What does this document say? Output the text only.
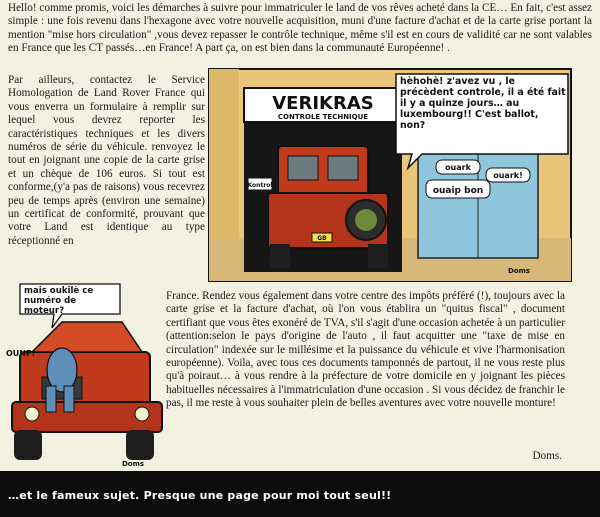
Hello! comme promis, voici les démarches à suivre pour immatriculer le land de vos rêves acheté dans la CE… En fait, c'est assez simple : une fois revenu dans l'hexagone avec votre nouvelle acquisition, muni d'une facture d'achat et de la carte grise portant la mention "mise hors circulation" ,vous devez repasser le contrôle technique, même s'il est en cours de validité car ne sont valables en France que les CT passés…en France! A part ça, on est bien dans la communauté Européenne! .

Par ailleurs, contactez le Service Homologation de Land Rover France qui vous enverra un formulaire à remplir sur lequel vous devrez reporter les caractéristiques techniques et les divers numéros de série du véhicule. renvoyez le tout en joignant une copie de la carte grise et un chèque de 106 euros. Si tout est conforme,(y'a pas de raisons) vous recevrez peu de temps après (environ une semaine) un certificat de conformité, prouvant que votre Land est identique au type réceptionné en

VERIKRAS
CONTROLE TECHNIQUE
Kontrol
GB
hèhohè! z'avez vu , le précèdent controle, il a été fait il y a quinze jours… au luxembourg!! C'est ballot, non?
ouark
ouark!
ouaip bon
Doms
mais oukilè ce numéro de moteur?
OUNF!
Doms

France. Rendez vous également dans votre centre des impôts préféré (!), toujours avec la carte grise et la facture d'achat, où l'on vous établira un "quitus fiscal" , document certifiant que vous êtes exonéré de TVA, s'il s'agit d'une occasion achetée à un particulier (attention:selon le pays d'origine de l'auto , il faut acquitter une "taxe de mise en circulation" indexée sur le millésime et la puissance du véhicule et vive l'harmonisation européenne). Voila, avec tous ces documents tamponnés de partout, il ne vous reste plus qu'à poiraut… à vous rendre à la préfecture de votre domicile en y joignant les pièces habituelles nécessaires à l'immatriculation d'une occasion . Si vous décidez de franchir le pas, il me reste à vous souhaiter plein de belles aventures avec votre nouvelle monture!

Doms.
…et le fameux sujet. Presque une page pour moi tout seul!!
